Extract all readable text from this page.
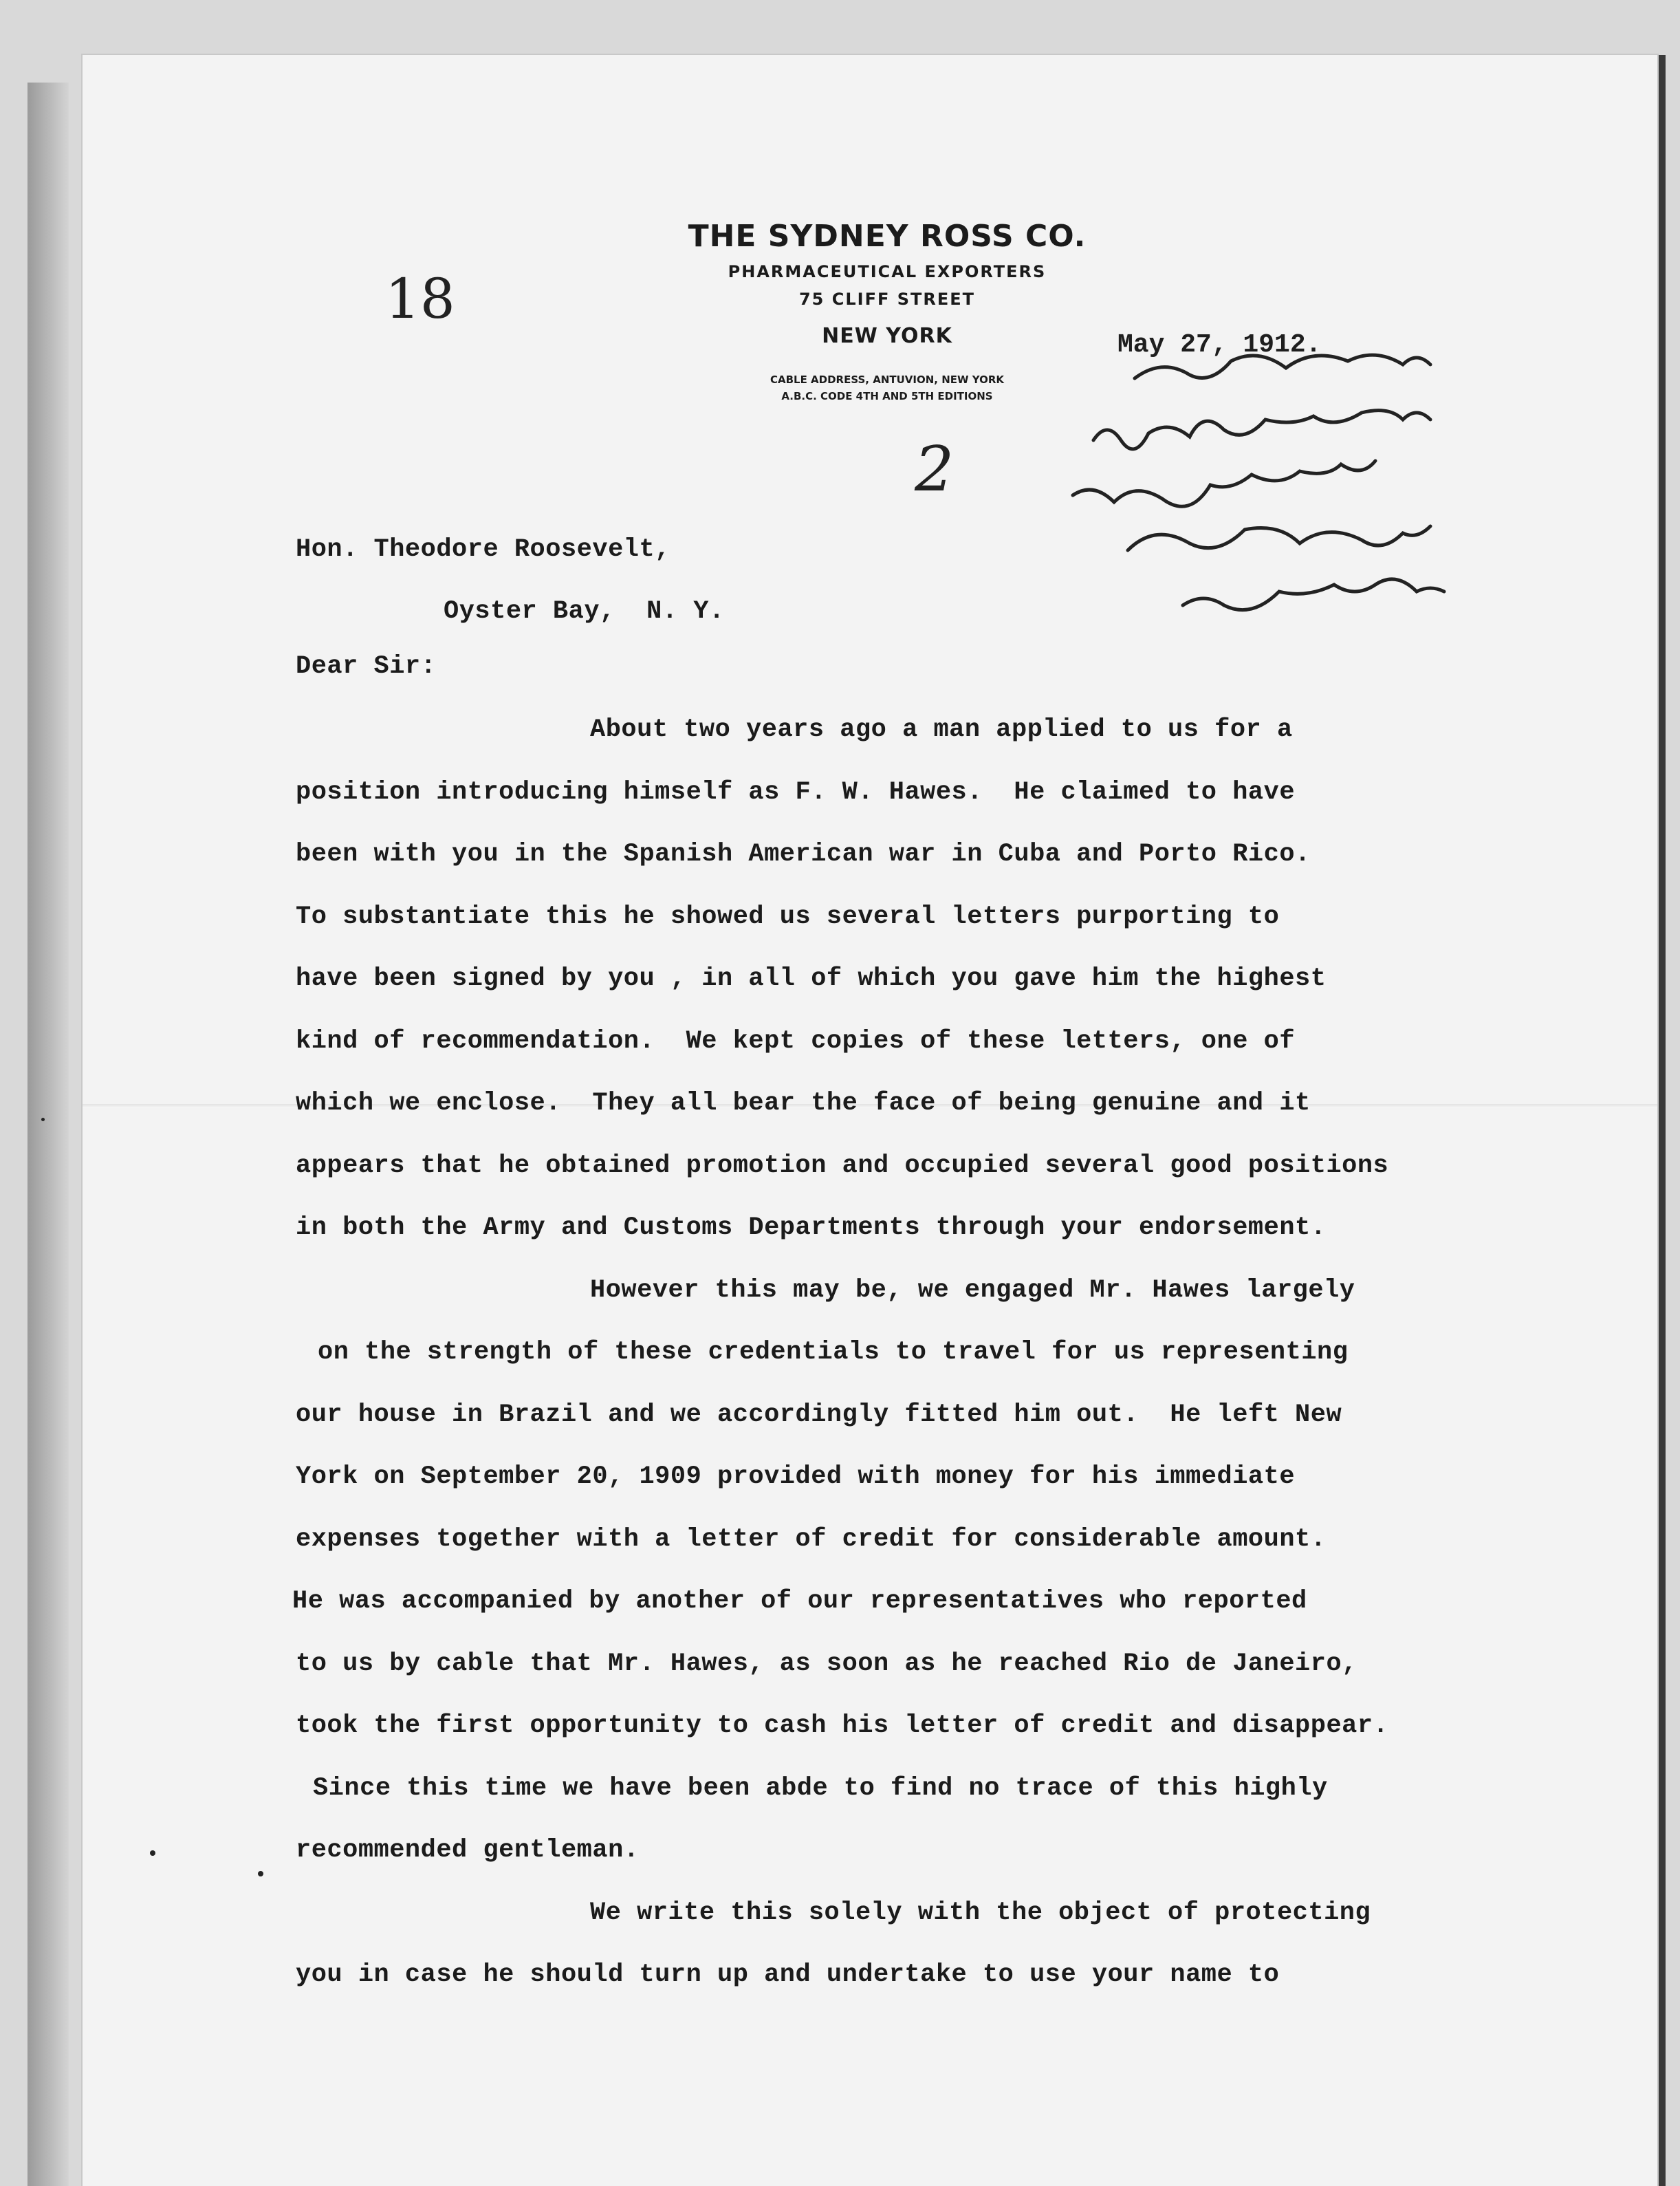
THE SYDNEY ROSS CO.
PHARMACEUTICAL EXPORTERS
75 CLIFF STREET
NEW YORK
CABLE ADDRESS, ANTUVION, NEW YORK
A.B.C. CODE 4TH AND 5TH EDITIONS
18
2
May 27, 1912.
Hon. Theodore Roosevelt,
Oyster Bay,  N. Y.
Dear Sir:
About two years ago a man applied to us for a
position introducing himself as F. W. Hawes.  He claimed to have
been with you in the Spanish American war in Cuba and Porto Rico.
To substantiate this he showed us several letters purporting to
have been signed by you , in all of which you gave him the highest
kind of recommendation.  We kept copies of these letters, one of
which we enclose.  They all bear the face of being genuine and it
appears that he obtained promotion and occupied several good positions
in both the Army and Customs Departments through your endorsement.
However this may be, we engaged Mr. Hawes largely
on the strength of these credentials to travel for us representing
our house in Brazil and we accordingly fitted him out.  He left New
York on September 20, 1909 provided with money for his immediate
expenses together with a letter of credit for considerable amount.
He was accompanied by another of our representatives who reported
to us by cable that Mr. Hawes, as soon as he reached Rio de Janeiro,
took the first opportunity to cash his letter of credit and disappear.
Since this time we have been abde to find no trace of this highly
recommended gentleman.
We write this solely with the object of protecting
you in case he should turn up and undertake to use your name to
